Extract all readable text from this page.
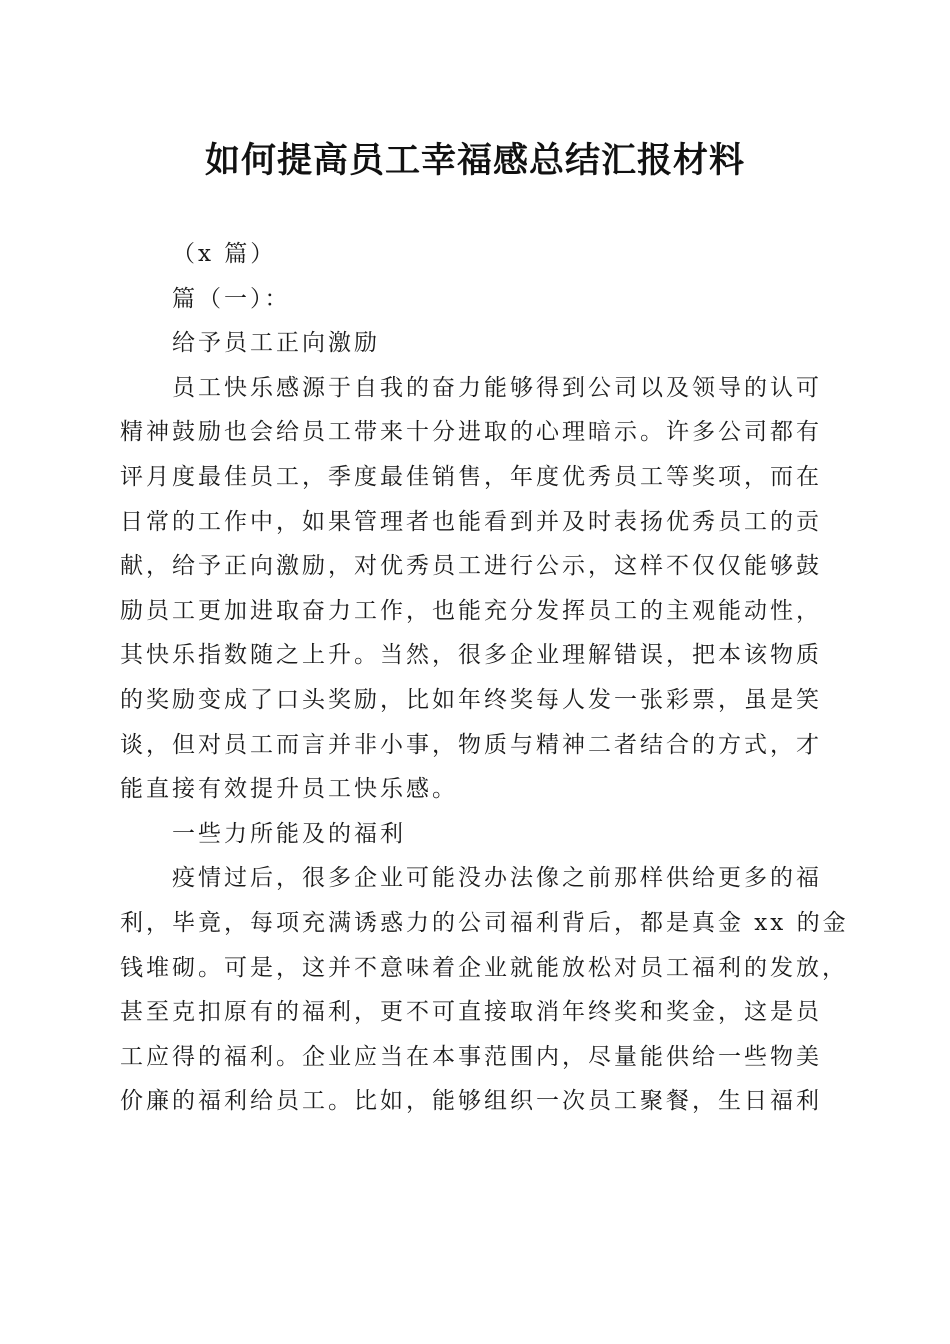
如何提高员工幸福感总结汇报材料
（x 篇）
篇（一）：
给予员工正向激励
员工快乐感源于自我的奋力能够得到公司以及领导的认可
精神鼓励也会给员工带来十分进取的心理暗示。许多公司都有
评月度最佳员工，季度最佳销售，年度优秀员工等奖项，而在
日常的工作中，如果管理者也能看到并及时表扬优秀员工的贡
献，给予正向激励，对优秀员工进行公示，这样不仅仅能够鼓
励员工更加进取奋力工作，也能充分发挥员工的主观能动性，
其快乐指数随之上升。当然，很多企业理解错误，把本该物质
的奖励变成了口头奖励，比如年终奖每人发一张彩票，虽是笑
谈，但对员工而言并非小事，物质与精神二者结合的方式，才
能直接有效提升员工快乐感。
一些力所能及的福利
疫情过后，很多企业可能没办法像之前那样供给更多的福
利，毕竟，每项充满诱惑力的公司福利背后，都是真金 xx 的金
钱堆砌。可是，这并不意味着企业就能放松对员工福利的发放，
甚至克扣原有的福利，更不可直接取消年终奖和奖金，这是员
工应得的福利。企业应当在本事范围内，尽量能供给一些物美
价廉的福利给员工。比如，能够组织一次员工聚餐，生日福利
